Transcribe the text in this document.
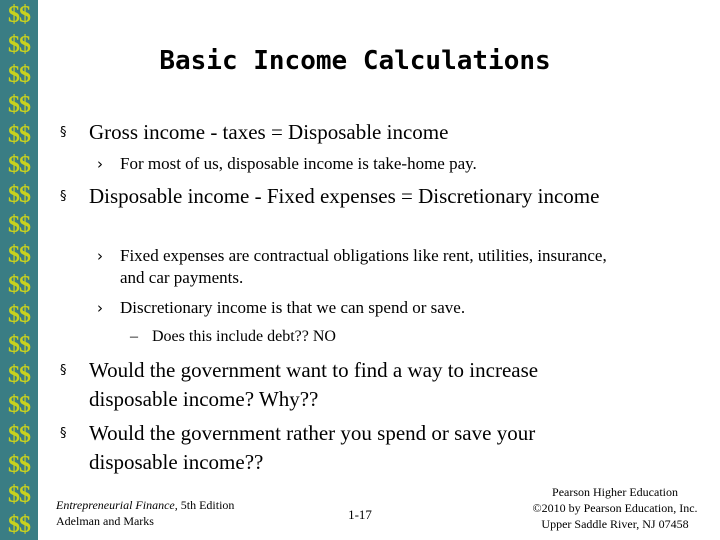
$$
$$
$$
$$
$$
$$
$$
$$
$$
$$
$$
$$
$$
$$
$$
$$
$$
$$
Basic Income Calculations
§ Gross income - taxes = Disposable income
› For most of us, disposable income is take-home pay.
§ Disposable income - Fixed expenses = Discretionary income
› Fixed expenses are contractual obligations like rent, utilities, insurance, and car payments.
› Discretionary income is that we can spend or save.
– Does this include debt?? NO
§ Would the government want to find a way to increase disposable income? Why??
§ Would the government rather you spend or save your disposable income??
Entrepreneurial Finance, 5th Edition
Adelman and Marks	1-17
Pearson Higher Education
©2010 by Pearson Education, Inc.
Upper Saddle River, NJ 07458
